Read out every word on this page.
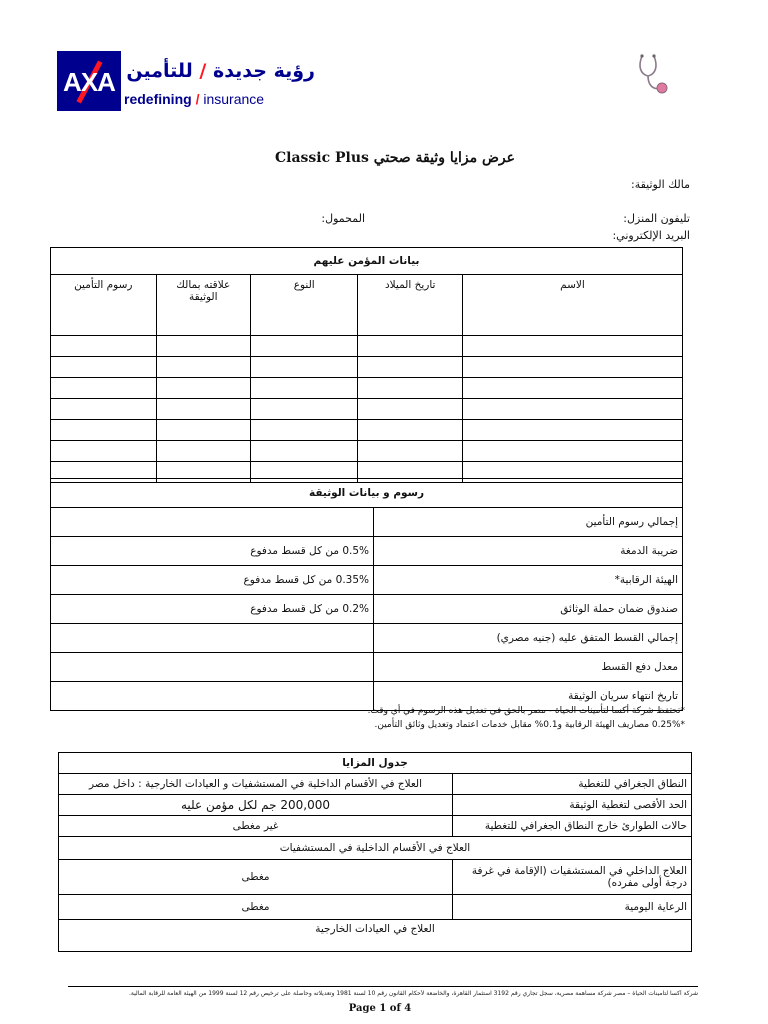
AXA	رؤية جديدة / للتأمين
redefining / insurance
عرض مزايا وثيقة صحتي Classic Plus
مالك الوثيقة:
تليفون المنزل:
المحمول:
البريد الإلكتروني:
بيانات المؤمن عليهم				
الاسم	تاريخ الميلاد	النوع	علاقته بمالك الوثيقة	رسوم التأمين

رسوم و بيانات الوثيقة	
إجمالي رسوم التأمين	
ضريبة الدمغة	0.5% من كل قسط مدفوع
الهيئة الرقابية*	0.35% من كل قسط مدفوع
صندوق ضمان حملة الوثائق	0.2% من كل قسط مدفوع
إجمالي القسط المتفق عليه (جنيه مصري)	
معدل دفع القسط	
تاريخ انتهاء سريان الوثيقة	
*تحتفظ شركة أكسا لتأمينات الحياة - مصر بالحق في تعديل هذه الرسوم في أي وقت.
*0.25% مصاريف الهيئة الرقابية و0.1% مقابل خدمات اعتماد وتعديل وثائق التأمين.
جدول المزايا	
النطاق الجغرافي للتغطية	العلاج في الأقسام الداخلية في المستشفيات و العيادات الخارجية : داخل مصر
الحد الأقصى لتغطية الوثيقة	200,000 جم لكل مؤمن عليه
حالات الطوارئ خارج النطاق الجغرافي للتغطية	غير مغطى
العلاج في الأقسام الداخلية في المستشفيات	
العلاج الداخلي في المستشفيات (الإقامة في غرفة درجة أولى مفرده)	مغطى
الرعاية اليومية	مغطى
العلاج في العيادات الخارجية	
شركة أكسا لتأمينات الحياة – مصر شركة مساهمة مصرية، سجل تجاري رقم 3192 استثمار القاهرة، والخاضعة لأحكام القانون رقم 10 لسنة 1981 وتعديلاته وحاصلة على ترخيص رقم 12 لسنة 1999 من الهيئة العامة للرقابة المالية.
Page 1 of 4
